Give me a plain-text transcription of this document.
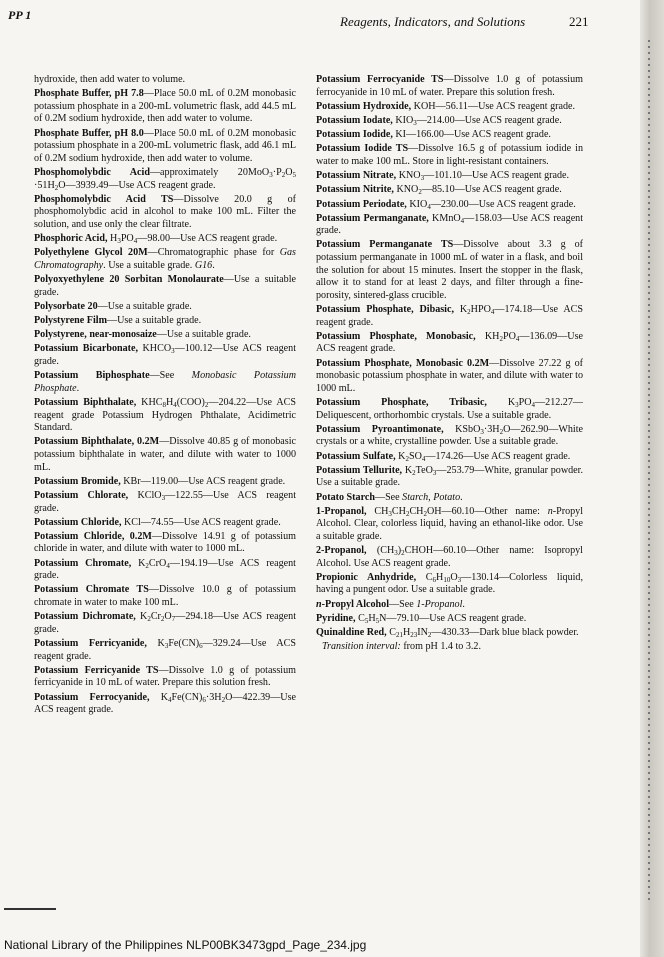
PP 1	Reagents, Indicators, and Solutions	221

hydroxide, then add water to volume.

Phosphate Buffer, pH 7.8—Place 50.0 mL of 0.2M monobasic potassium phosphate in a 200-mL volumetric flask, add 44.5 mL of 0.2M sodium hydroxide, then add water to volume.

Phosphate Buffer, pH 8.0—Place 50.0 mL of 0.2M monobasic potassium phosphate in a 200-mL volumetric flask, add 46.1 mL of 0.2M sodium hydroxide, then add water to volume.

Phosphomolybdic Acid—approximately $20MoO_3\cdot P_2O_5$ $\cdot 51H_2O—3939.49—Use$ ACS reagent grade.

Phosphomolybdic Acid TS—Dissolve 20.0 g of phosphomolybdic acid in alcohol to make 100 mL. Filter the solution, and use only the clear filtrate.

Phosphoric Acid, $H_3PO_4—98.00—Use$ ACS reagent grade.

Polyethylene Glycol 20M—Chromatographic phase for Gas Chromatography. Use a suitable grade. G16.

Polyoxyethylene 20 Sorbitan Monolaurate—Use a suitable grade.

Polysorbate 20—Use a suitable grade.

Polystyrene Film—Use a suitable grade.

Polystyrene, near-monosaize—Use a suitable grade.

Potassium Bicarbonate, $KHCO_3—100.12—Use$ ACS reagent grade.

Potassium Biphosphate—See Monobasic Potassium Phosphate.

Potassium Biphthalate, $KHC_8H_4(COO)_2—204.22—Use$ ACS reagent grade Potassium Hydrogen Phthalate, Acidimetric Standard.

Potassium Biphthalate, 0.2M—Dissolve 40.85 g of monobasic potassium biphthalate in water, and dilute with water to 1000 mL.

Potassium Bromide, KBr—119.00—Use ACS reagent grade.

Potassium Chlorate, KClO$_3$—122.55—Use ACS reagent grade.

Potassium Chloride, KCl—74.55—Use ACS reagent grade.

Potassium Chloride, 0.2M—Dissolve 14.91 g of potassium chloride in water, and dilute with water to 1000 mL.

Potassium Chromate, $K_2CrO_4—194.19—Use$ ACS reagent grade.

Potassium Chromate TS—Dissolve 10.0 g of potassium chromate in water to make 100 mL.

Potassium Dichromate, $K_2Cr_2O_7—294.18—Use$ ACS reagent grade.

Potassium Ferricyanide, $K_3Fe(CN)_6—329.24—Use$ ACS reagent grade.

Potassium Ferricyanide TS—Dissolve 1.0 g of potassium ferricyanide in 10 mL of water. Prepare this solution fresh.

Potassium Ferrocyanide, $K_4Fe(CN)_6\cdot 3H_2O—422.39—Use$ ACS reagent grade.

Potassium Ferrocyanide TS—Dissolve 1.0 g of potassium ferrocyanide in 10 mL of water. Prepare this solution fresh.

Potassium Hydroxide, KOH—56.11—Use ACS reagent grade.

Potassium Iodate, $KIO_3—214.00—Use$ ACS reagent grade.

Potassium Iodide, KI—166.00—Use ACS reagent grade.

Potassium Iodide TS—Dissolve 16.5 g of potassium iodide in water to make 100 mL. Store in light-resistant containers.

Potassium Nitrate, $KNO_3—101.10—Use$ ACS reagent grade.

Potassium Nitrite, $KNO_2—85.10—Use$ ACS reagent grade.

Potassium Periodate, $KIO_4—230.00—Use$ ACS reagent grade.

Potassium Permanganate, KMnO$_4$—158.03—Use ACS reagent grade.

Potassium Permanganate TS—Dissolve about 3.3 g of potassium permanganate in 1000 mL of water in a flask, and boil the solution for about 15 minutes. Insert the stopper in the flask, allow it to stand for at least 2 days, and filter through a fine-porosity, sintered-glass crucible.

Potassium Phosphate, Dibasic, $K_2HPO_4—174.18—Use$ ACS reagent grade.

Potassium Phosphate, Monobasic, $KH_2PO_4—136.09—Use$ ACS reagent grade.

Potassium Phosphate, Monobasic 0.2M—Dissolve 27.22 g of monobasic potassium phosphate in water, and dilute with water to 1000 mL.

Potassium Phosphate, Tribasic, $K_3PO_4—212.27—Deliquescent$, orthorhombic crystals. Use a suitable grade.

Potassium Pyroantimonate, $KSbO_3\cdot 3H_2O—262.90—White$ crystals or a white, crystalline powder. Use a suitable grade.

Potassium Sulfate, $K_2SO_4—174.26—Use$ ACS reagent grade.

Potassium Tellurite, $K_2TeO_3—253.79—White$, granular powder. Use a suitable grade.

Potato Starch—See Starch, Potato.

1-Propanol, $CH_3CH_2CH_2OH—60.10—Other$ name: n-Propyl Alcohol. Clear, colorless liquid, having an ethanol-like odor. Use a suitable grade.

2-Propanol, $(CH_3)_2CHOH—60.10—Other$ name: Isopropyl Alcohol. Use ACS reagent grade.

Propionic Anhydride, $C_6H_{10}O_3—130.14—Colorless$ liquid, having a pungent odor. Use a suitable grade.

n-Propyl Alcohol—See 1-Propanol.

Pyridine, $C_5H_5N—79.10—Use$ ACS reagent grade.

Quinaldine Red, $C_{21}H_{23}IN_2—430.33—Dark$ blue black powder.

Transition interval: from pH 1.4 to 3.2.

National Library of the Philippines NLP00BK3473gpd_Page_234.jpg
